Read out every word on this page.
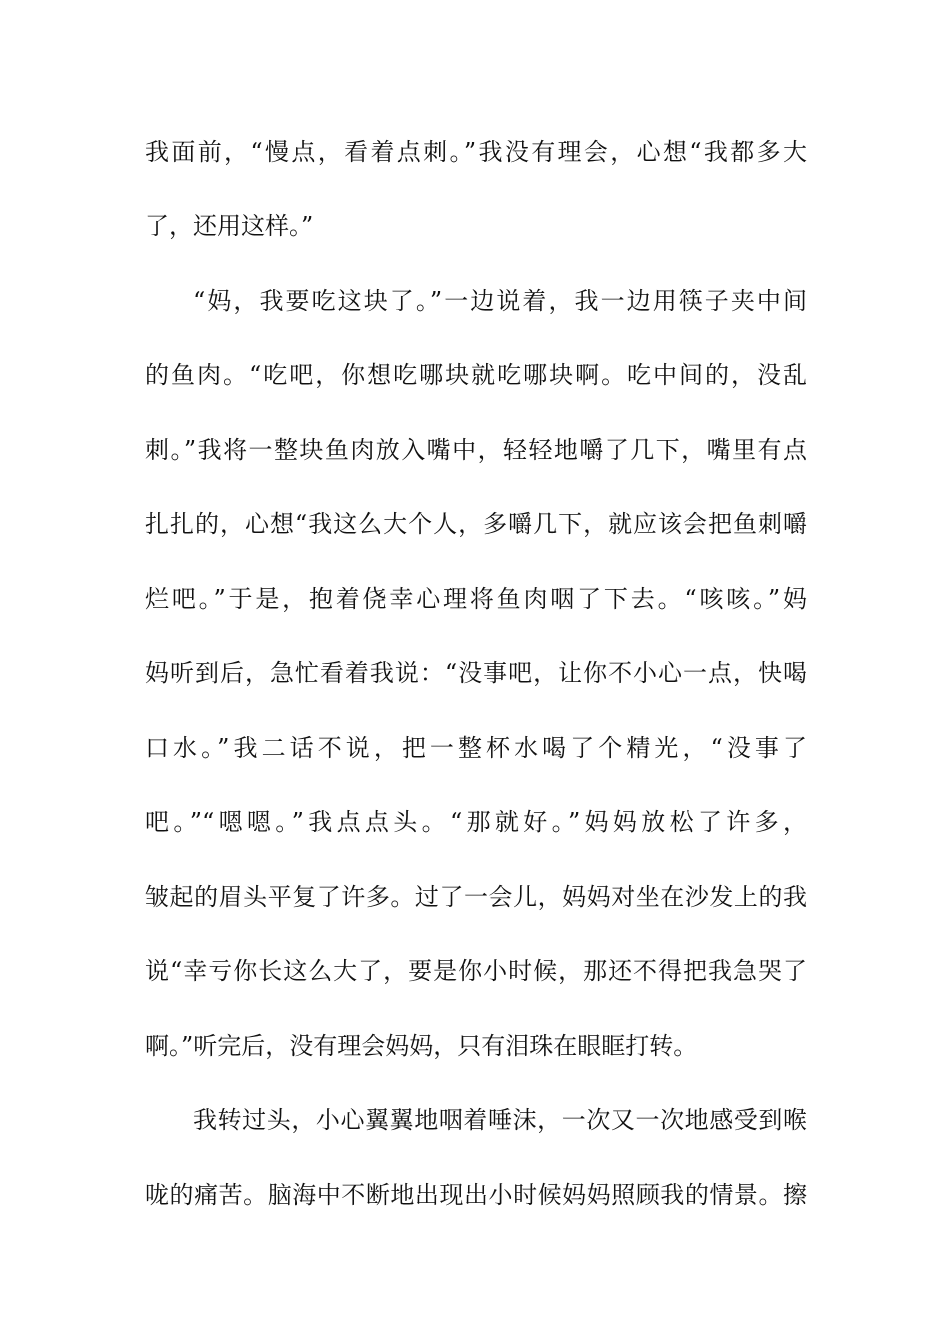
我面前，“慢点，看着点刺。”我没有理会，心想“我都多大
了，还用这样。”
“妈，我要吃这块了。”一边说着，我一边用筷子夹中间
的鱼肉。“吃吧，你想吃哪块就吃哪块啊。吃中间的，没乱
刺。”我将一整块鱼肉放入嘴中，轻轻地嚼了几下，嘴里有点
扎扎的，心想“我这么大个人，多嚼几下，就应该会把鱼刺嚼
烂吧。”于是，抱着侥幸心理将鱼肉咽了下去。“咳咳。”妈
妈听到后，急忙看着我说：“没事吧，让你不小心一点，快喝
口水。”我二话不说，把一整杯水喝了个精光，“没事了
吧。”“嗯嗯。”我点点头。“那就好。”妈妈放松了许多，
皱起的眉头平复了许多。过了一会儿，妈妈对坐在沙发上的我
说“幸亏你长这么大了，要是你小时候，那还不得把我急哭了
啊。”听完后，没有理会妈妈，只有泪珠在眼眶打转。
我转过头，小心翼翼地咽着唾沫，一次又一次地感受到喉
咙的痛苦。脑海中不断地出现出小时候妈妈照顾我的情景。擦
